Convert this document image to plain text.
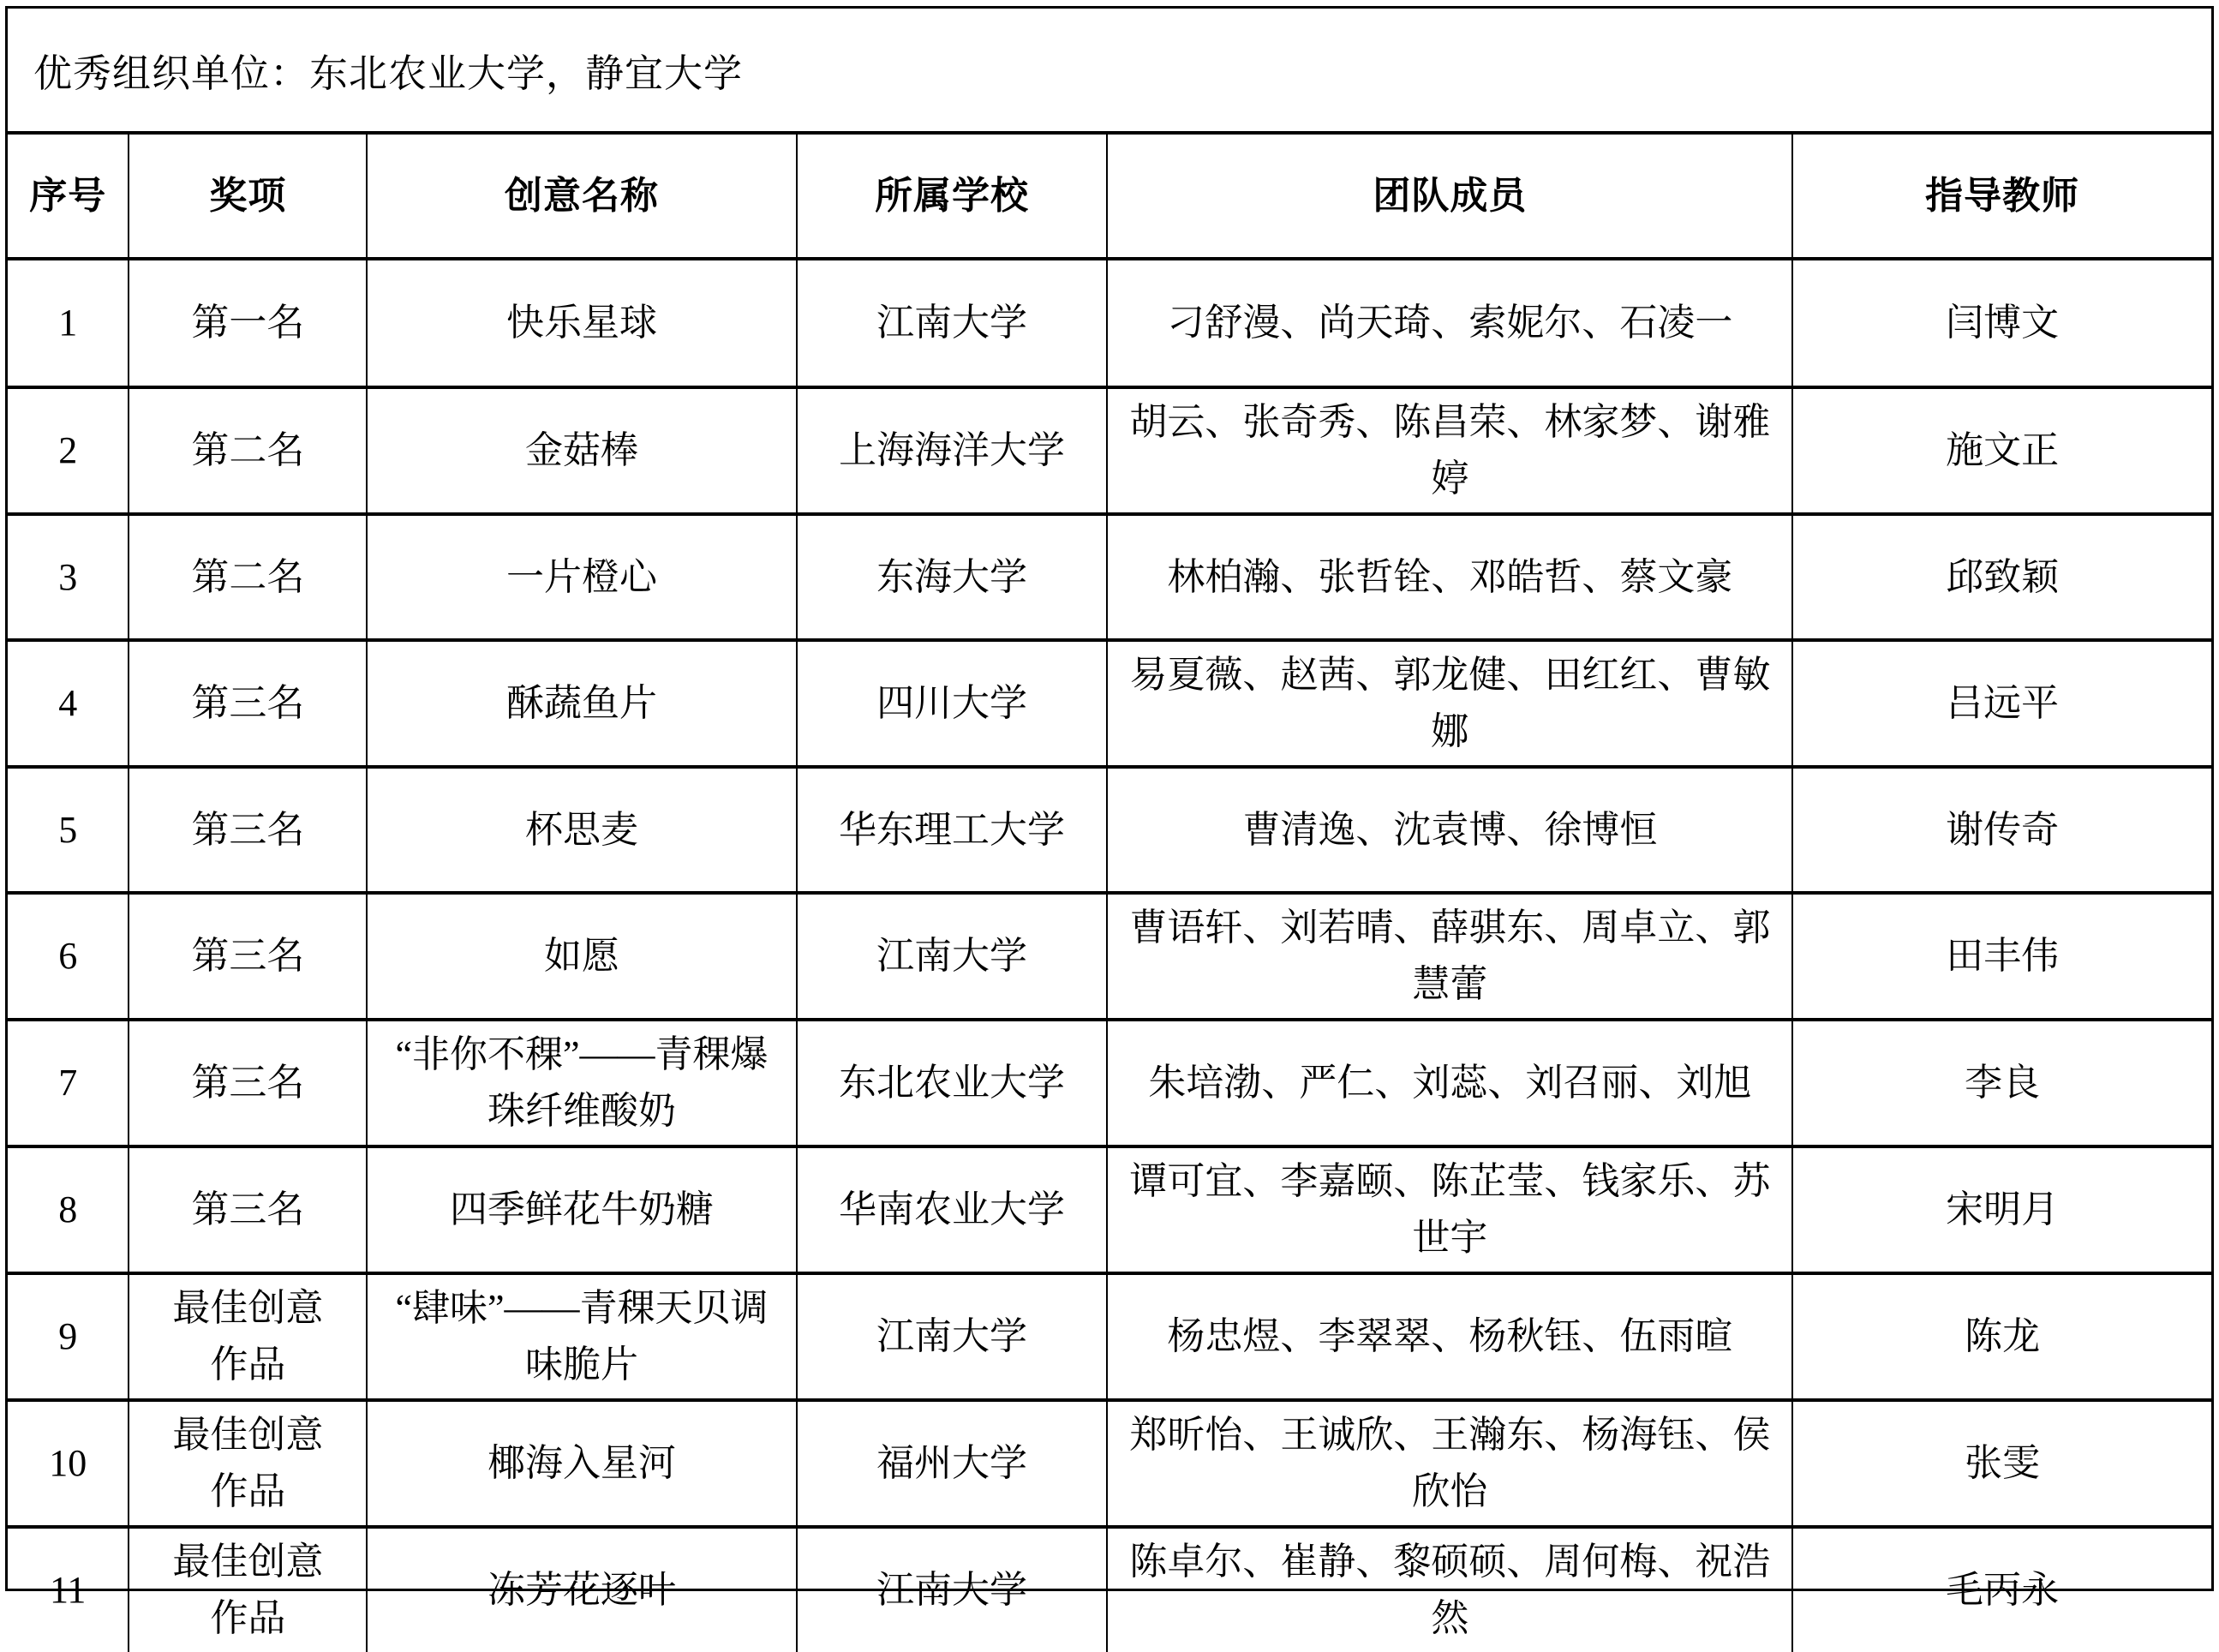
优秀组织单位：东北农业大学，静宜大学
序号	奖项	创意名称	所属学校	团队成员	指导教师
1	第一名	快乐星球	江南大学	刁舒漫、尚天琦、索妮尔、石凌一	闫博文
2	第二名	金菇棒	上海海洋大学	胡云、张奇秀、陈昌荣、林家梦、谢雅婷	施文正
3	第二名	一片橙心	东海大学	林柏瀚、张哲铨、邓皓哲、蔡文豪	邱致颖
4	第三名	酥蔬鱼片	四川大学	易夏薇、赵茜、郭龙健、田红红、曹敏娜	吕远平
5	第三名	杯思麦	华东理工大学	曹清逸、沈袁博、徐博恒	谢传奇
6	第三名	如愿	江南大学	曹语轩、刘若晴、薛骐东、周卓立、郭慧蕾	田丰伟
7	第三名	“非你不稞”——青稞爆珠纤维酸奶	东北农业大学	朱培渤、严仁、刘蕊、刘召丽、刘旭	李良
8	第三名	四季鲜花牛奶糖	华南农业大学	谭可宜、李嘉颐、陈芷莹、钱家乐、苏世宇	宋明月
9	最佳创意作品	“肆味”——青稞天贝调味脆片	江南大学	杨忠煜、李翠翠、杨秋钰、伍雨暄	陈龙
10	最佳创意作品	椰海入星河	福州大学	郑昕怡、王诚欣、王瀚东、杨海钰、侯欣怡	张雯
11	最佳创意作品	冻芳花逐叶	江南大学	陈卓尔、崔静、黎硕硕、周何梅、祝浩然	毛丙永
